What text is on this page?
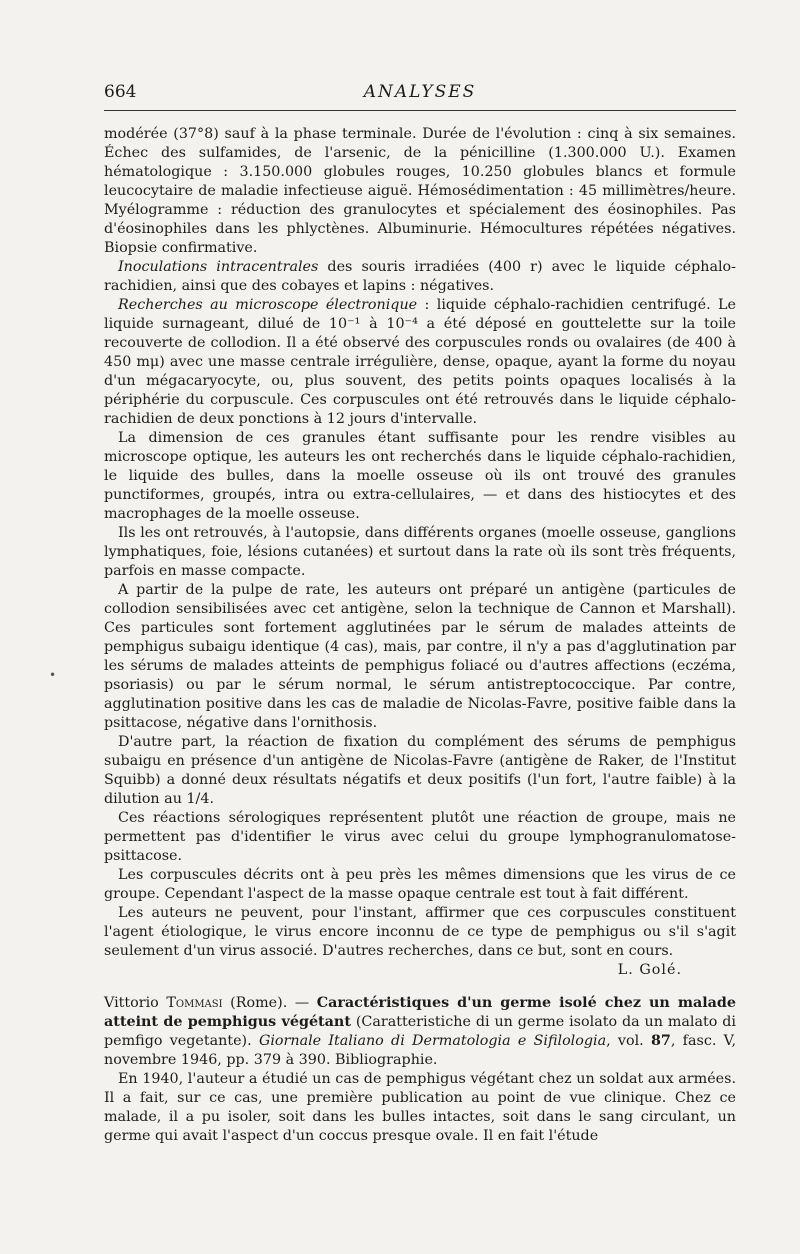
•
664	ANALYSES

modérée (37°8) sauf à la phase terminale. Durée de l'évolution : cinq à six semaines. Échec des sulfamides, de l'arsenic, de la pénicilline (1.300.000 U.). Examen hématologique : 3.150.000 globules rouges, 10.250 globules blancs et formule leucocytaire de maladie infectieuse aiguë. Hémosédimentation : 45 millimètres/heure. Myélogramme : réduction des granulocytes et spécialement des éosinophiles. Pas d'éosinophiles dans les phlyctènes. Albuminurie. Hémocultures répétées négatives. Biopsie confirmative.

Inoculations intracentrales des souris irradiées (400 r) avec le liquide céphalo-rachidien, ainsi que des cobayes et lapins : négatives.

Recherches au microscope électronique : liquide céphalo-rachidien centrifugé. Le liquide surnageant, dilué de 10⁻¹ à 10⁻⁴ a été déposé en gouttelette sur la toile recouverte de collodion. Il a été observé des corpuscules ronds ou ovalaires (de 400 à 450 mμ) avec une masse centrale irrégulière, dense, opaque, ayant la forme du noyau d'un mégacaryocyte, ou, plus souvent, des petits points opaques localisés à la périphérie du corpuscule. Ces corpuscules ont été retrouvés dans le liquide céphalo-rachidien de deux ponctions à 12 jours d'intervalle.

La dimension de ces granules étant suffisante pour les rendre visibles au microscope optique, les auteurs les ont recherchés dans le liquide céphalo-rachidien, le liquide des bulles, dans la moelle osseuse où ils ont trouvé des granules punctiformes, groupés, intra ou extra-cellulaires, — et dans des histiocytes et des macrophages de la moelle osseuse.

Ils les ont retrouvés, à l'autopsie, dans différents organes (moelle osseuse, ganglions lymphatiques, foie, lésions cutanées) et surtout dans la rate où ils sont très fréquents, parfois en masse compacte.

A partir de la pulpe de rate, les auteurs ont préparé un antigène (particules de collodion sensibilisées avec cet antigène, selon la technique de Cannon et Marshall). Ces particules sont fortement agglutinées par le sérum de malades atteints de pemphigus subaigu identique (4 cas), mais, par contre, il n'y a pas d'agglutination par les sérums de malades atteints de pemphigus foliacé ou d'autres affections (eczéma, psoriasis) ou par le sérum normal, le sérum antistreptococcique. Par contre, agglutination positive dans les cas de maladie de Nicolas-Favre, positive faible dans la psittacose, négative dans l'ornithosis.

D'autre part, la réaction de fixation du complément des sérums de pemphigus subaigu en présence d'un antigène de Nicolas-Favre (antigène de Raker, de l'Institut Squibb) a donné deux résultats négatifs et deux positifs (l'un fort, l'autre faible) à la dilution au 1/4.

Ces réactions sérologiques représentent plutôt une réaction de groupe, mais ne permettent pas d'identifier le virus avec celui du groupe lymphogranulomatose-psittacose.

Les corpuscules décrits ont à peu près les mêmes dimensions que les virus de ce groupe. Cependant l'aspect de la masse opaque centrale est tout à fait différent.

Les auteurs ne peuvent, pour l'instant, affirmer que ces corpuscules constituent l'agent étiologique, le virus encore inconnu de ce type de pemphigus ou s'il s'agit seulement d'un virus associé. D'autres recherches, dans ce but, sont en cours.

L. Golé.

Vittorio Tommasi (Rome). — Caractéristiques d'un germe isolé chez un malade atteint de pemphigus végétant (Caratteristiche di un germe isolato da un malato di pemfigo vegetante). Giornale Italiano di Dermatologia e Sifilologia, vol. 87, fasc. V, novembre 1946, pp. 379 à 390. Bibliographie.

En 1940, l'auteur a étudié un cas de pemphigus végétant chez un soldat aux armées. Il a fait, sur ce cas, une première publication au point de vue clinique. Chez ce malade, il a pu isoler, soit dans les bulles intactes, soit dans le sang circulant, un germe qui avait l'aspect d'un coccus presque ovale. Il en fait l'étude
